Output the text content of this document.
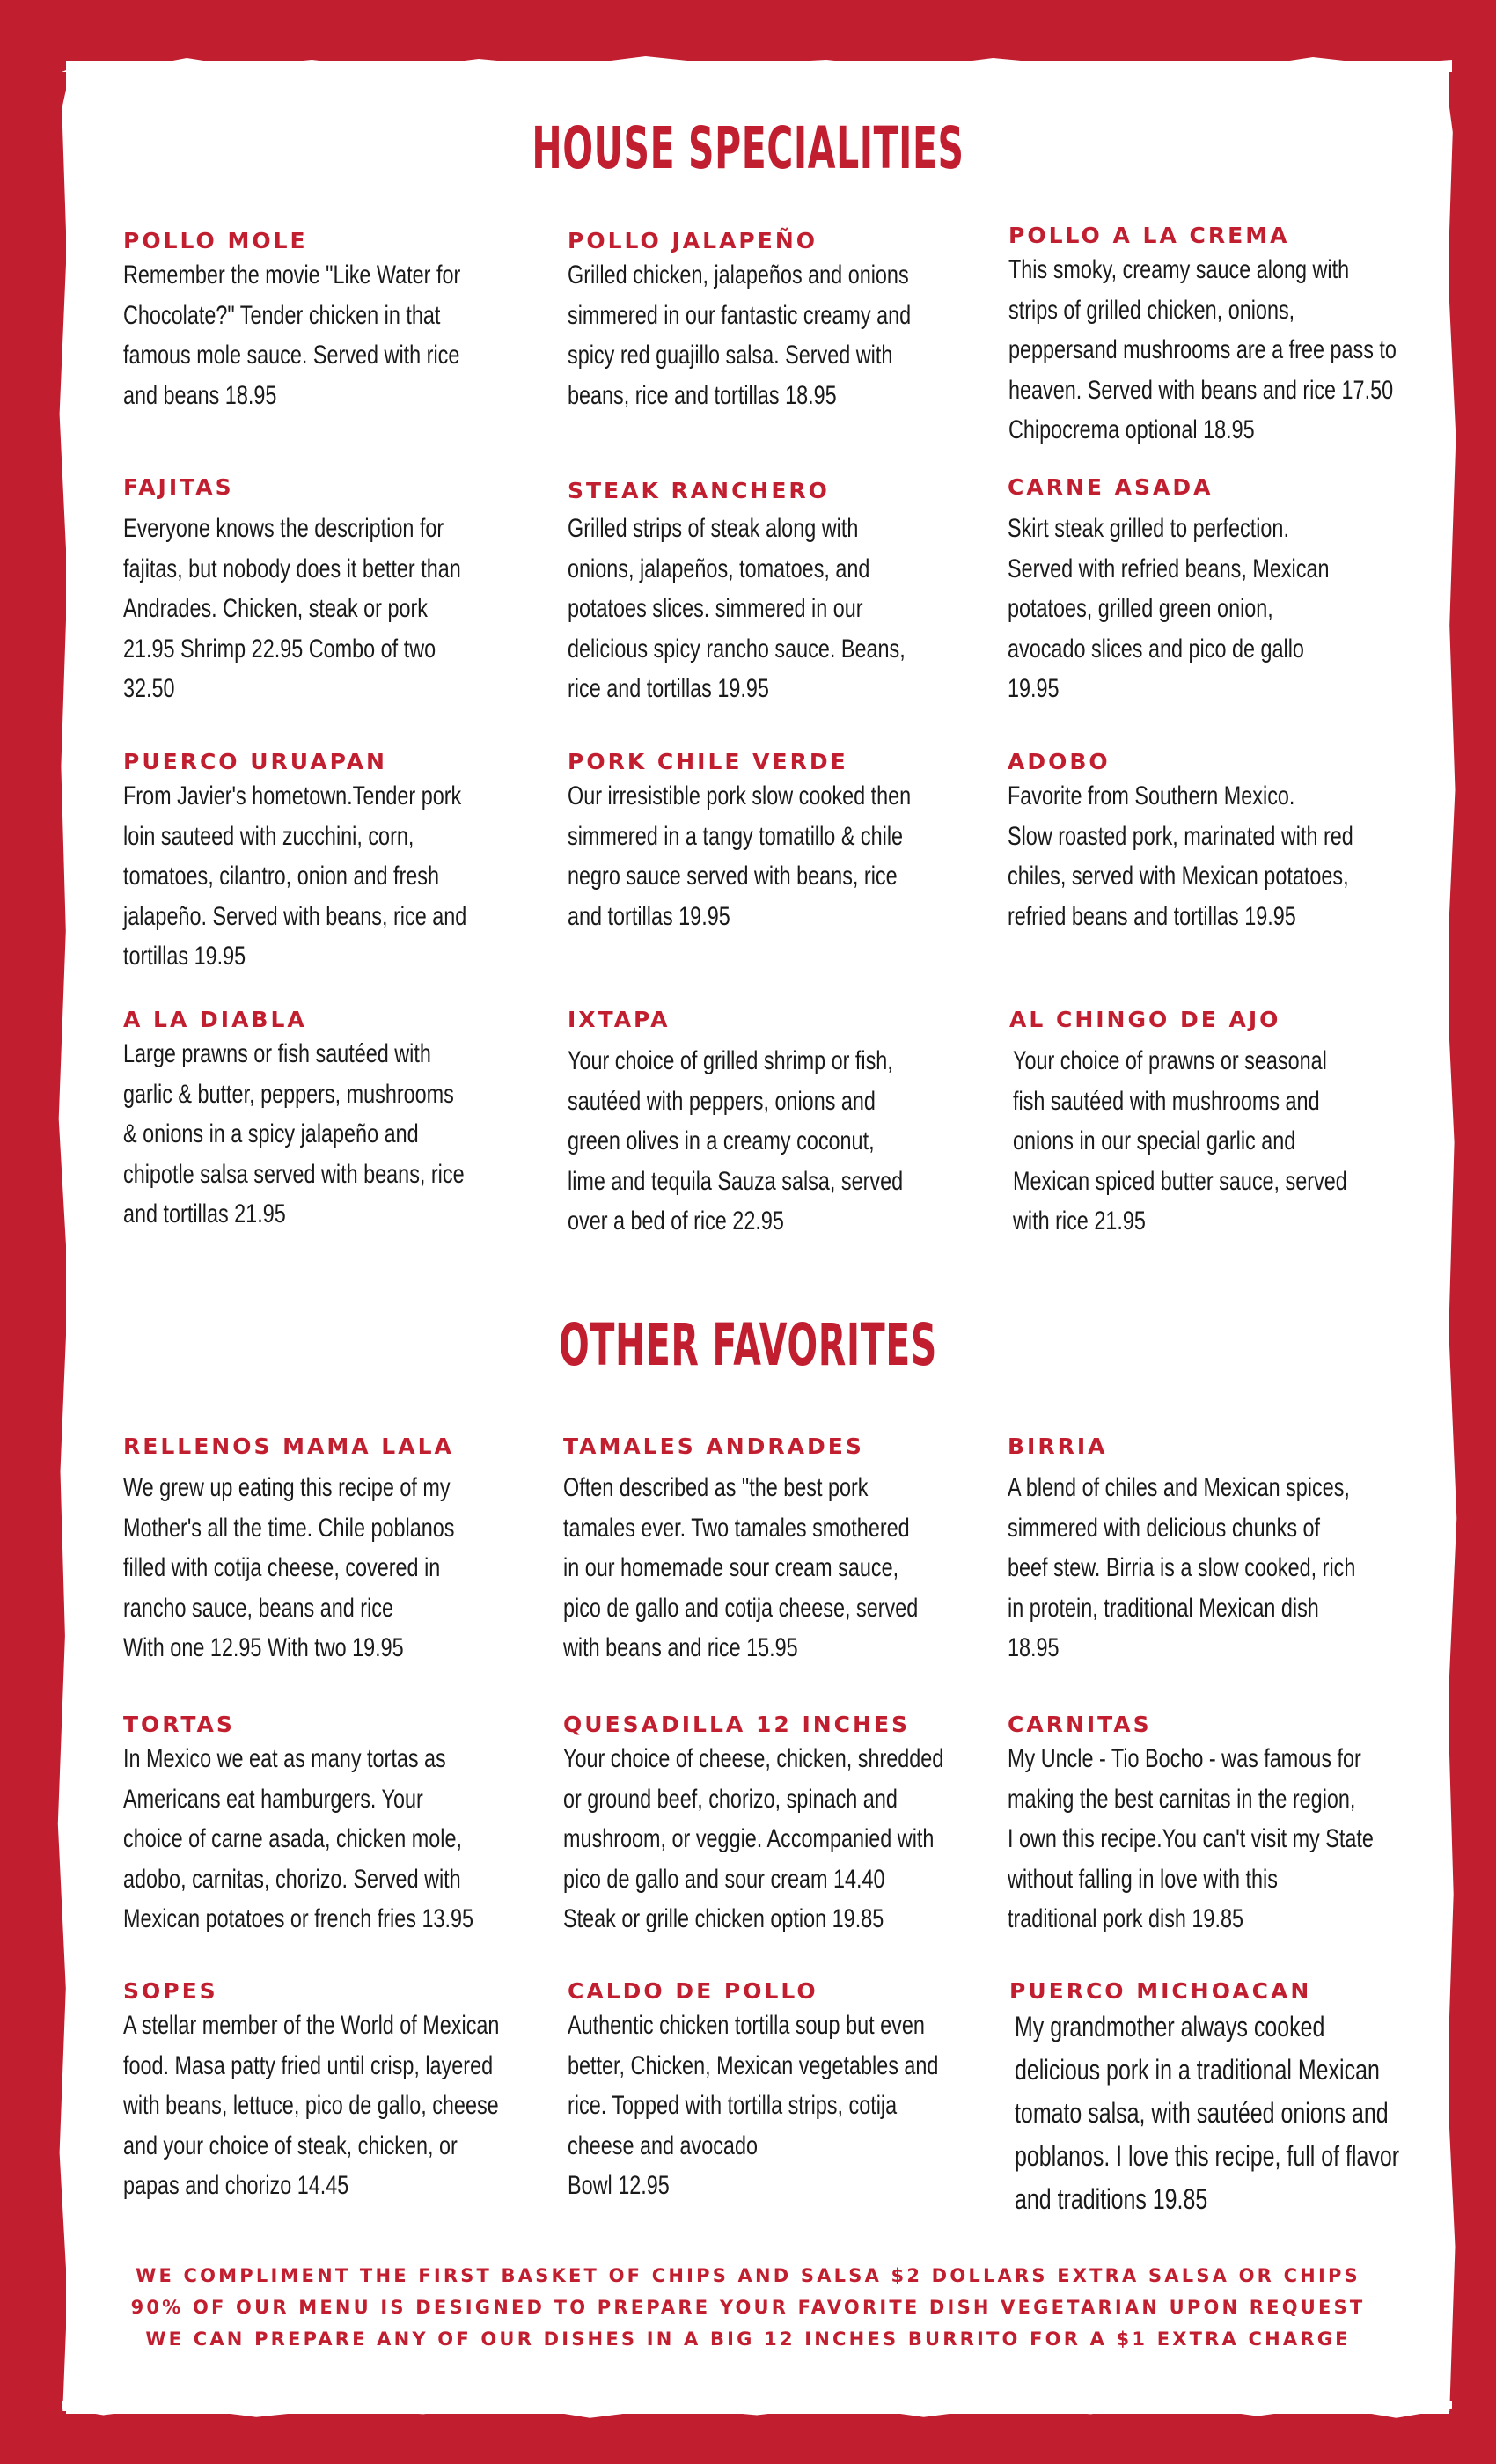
HOUSE SPECIALITIES
POLLO MOLE

Remember the movie "Like Water for
Chocolate?" Tender chicken in that
famous mole sauce. Served with rice
and beans 18.95

POLLO JALAPEÑO

Grilled chicken, jalapeños and onions
simmered in our fantastic creamy and
spicy red guajillo salsa. Served with
beans, rice and tortillas 18.95

POLLO A LA CREMA

This smoky, creamy sauce along with
strips of grilled chicken, onions,
peppersand mushrooms are a free pass to
heaven. Served with beans and rice 17.50
Chipocrema optional 18.95

FAJITAS

Everyone knows the description for
fajitas, but nobody does it better than
Andrades. Chicken, steak or pork
21.95 Shrimp 22.95 Combo of two
32.50

STEAK RANCHERO

Grilled strips of steak along with
onions, jalapeños, tomatoes, and
potatoes slices. simmered in our
delicious spicy rancho sauce. Beans,
rice and tortillas 19.95

CARNE ASADA

Skirt steak grilled to perfection.
Served with refried beans, Mexican
potatoes, grilled green onion,
avocado slices and pico de gallo
19.95

PUERCO URUAPAN

From Javier's hometown.Tender pork
loin sauteed with zucchini, corn,
tomatoes, cilantro, onion and fresh
jalapeño. Served with beans, rice and
tortillas 19.95

PORK CHILE VERDE

Our irresistible pork slow cooked then
simmered in a tangy tomatillo & chile
negro sauce served with beans, rice
and tortillas 19.95

ADOBO

Favorite from Southern Mexico.
Slow roasted pork, marinated with red
chiles, served with Mexican potatoes,
refried beans and tortillas 19.95

A LA DIABLA

Large prawns or fish sautéed with
garlic & butter, peppers, mushrooms
& onions in a spicy jalapeño and
chipotle salsa served with beans, rice
and tortillas 21.95

IXTAPA

Your choice of grilled shrimp or fish,
sautéed with peppers, onions and
green olives in a creamy coconut,
lime and tequila Sauza salsa, served
over a bed of rice 22.95

AL CHINGO DE AJO

Your choice of prawns or seasonal
fish sautéed with mushrooms and
onions in our special garlic and
Mexican spiced butter sauce, served
with rice 21.95

OTHER FAVORITES
RELLENOS MAMA LALA

We grew up eating this recipe of my
Mother's all the time. Chile poblanos
filled with cotija cheese, covered in
rancho sauce, beans and rice
With one 12.95 With two 19.95

TAMALES ANDRADES

Often described as "the best pork
tamales ever. Two tamales smothered
in our homemade sour cream sauce,
pico de gallo and cotija cheese, served
with beans and rice 15.95

BIRRIA

A blend of chiles and Mexican spices,
simmered with delicious chunks of
beef stew. Birria is a slow cooked, rich
in protein, traditional Mexican dish
18.95

TORTAS

In Mexico we eat as many tortas as
Americans eat hamburgers. Your
choice of carne asada, chicken mole,
adobo, carnitas, chorizo. Served with
Mexican potatoes or french fries 13.95

QUESADILLA 12 INCHES

Your choice of cheese, chicken, shredded
or ground beef, chorizo, spinach and
mushroom, or veggie. Accompanied with
pico de gallo and sour cream 14.40
Steak or grille chicken option 19.85

CARNITAS

My Uncle - Tio Bocho - was famous for
making the best carnitas in the region,
I own this recipe.You can't visit my State
without falling in love with this
traditional pork dish 19.85

SOPES

A stellar member of the World of Mexican
food. Masa patty fried until crisp, layered
with beans, lettuce, pico de gallo, cheese
and your choice of steak, chicken, or
papas and chorizo 14.45

CALDO DE POLLO

Authentic chicken tortilla soup but even
better, Chicken, Mexican vegetables and
rice. Topped with tortilla strips, cotija
cheese and avocado
Bowl 12.95

PUERCO MICHOACAN

My grandmother always cooked
delicious pork in a traditional Mexican
tomato salsa, with sautéed onions and
poblanos. I love this recipe, full of flavor
and traditions 19.85

WE COMPLIMENT THE FIRST BASKET OF CHIPS AND SALSA $2 DOLLARS EXTRA SALSA OR CHIPS
90% OF OUR MENU IS DESIGNED TO PREPARE YOUR FAVORITE DISH VEGETARIAN UPON REQUEST
WE CAN PREPARE ANY OF OUR DISHES IN A BIG 12 INCHES BURRITO FOR A $1 EXTRA CHARGE
